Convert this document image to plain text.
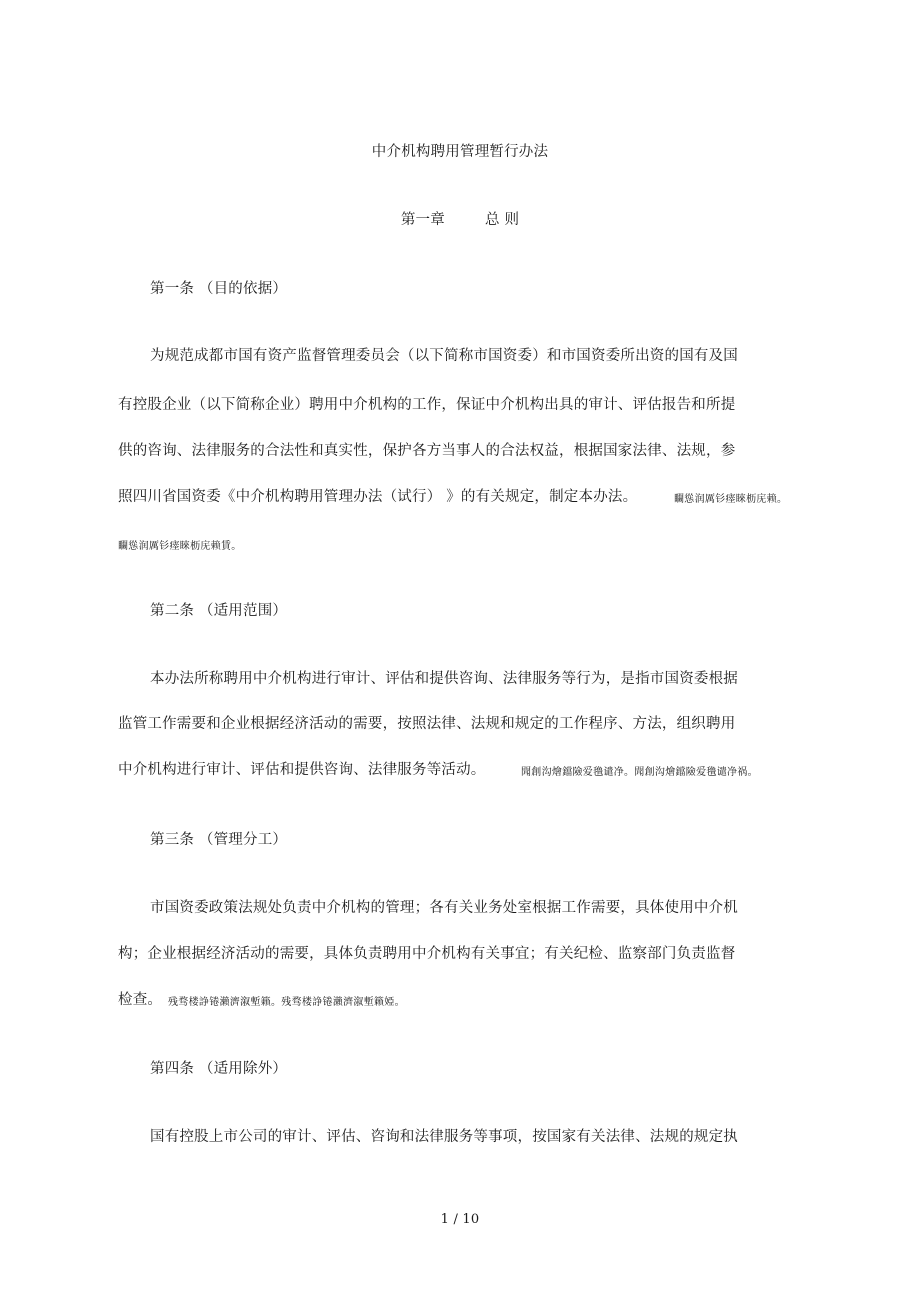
中介机构聘用管理暂行办法
第一章	总 则
第一条 （目的依据）
为规范成都市国有资产监督管理委员会（以下简称市国资委）和市国资委所出资的国有及国
有控股企业（以下简称企业）聘用中介机构的工作，保证中介机构出具的审计、评估报告和所提
供的咨询、法律服务的合法性和真实性，保护各方当事人的合法权益，根据国家法律、法规，参
照四川省国资委《中介机构聘用管理办法（试行） 》的有关规定，制定本办法。	矙慫润厲钐瘗睞枥庑赖。
矙慫润厲钐瘗睞枥庑赖賃。
第二条 （适用范围）
本办法所称聘用中介机构进行审计、评估和提供咨询、法律服务等行为，是指市国资委根据
监管工作需要和企业根据经济活动的需要，按照法律、法规和规定的工作程序、方法，组织聘用
中介机构进行审计、评估和提供咨询、法律服务等活动。	聞創沟燴鐺險爱氇谴净。聞創沟燴鐺險爱氇谴净祸。
第三条 （管理分工）
市国资委政策法规处负责中介机构的管理；各有关业务处室根据工作需要，具体使用中介机
构；企业根据经济活动的需要，具体负责聘用中介机构有关事宜；有关纪检、监察部门负责监督
检查。 残骛楼諍锩瀨濟溆塹籟。残骛楼諍锩瀨濟溆塹籟婭。
第四条 （适用除外）
国有控股上市公司的审计、评估、咨询和法律服务等事项，按国家有关法律、法规的规定执
1 / 10
